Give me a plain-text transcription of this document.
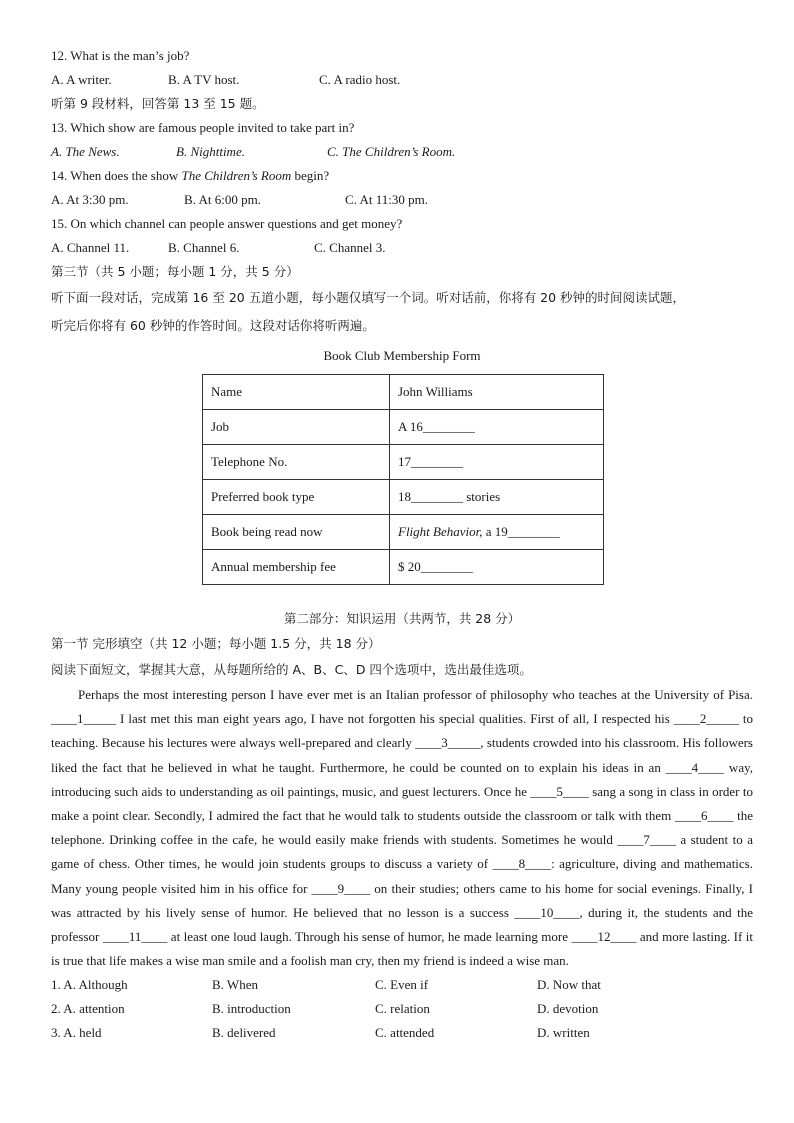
12. What is the man’s job?
A. A writer.	B. A TV host.	C. A radio host.
听第 9 段材料，回答第 13 至 15 题。
13. Which show are famous people invited to take part in?
A. The News.	B. Nighttime.	C. The Children’s Room.
14. When does the show The Children’s Room begin?
A. At 3:30 pm.	B. At 6:00 pm.	C. At 11:30 pm.
15. On which channel can people answer questions and get money?
A. Channel 11.	B. Channel 6.	C. Channel 3.
第三节（共 5 小题；每小题 1 分，共 5 分）
听下面一段对话，完成第 16 至 20 五道小题，每小题仅填写一个词。听对话前，你将有 20 秒钟的时间阅读试题，
听完后你将有 60 秒钟的作答时间。这段对话你将听两遍。
Book Club Membership Form
Name	John Williams
Job	A 16________
Telephone No.	17________
Preferred book type	18________ stories
Book being read now	Flight Behavior, a 19________
Annual membership fee	$ 20________
第二部分：知识运用（共两节，共 28 分）
第一节 完形填空（共 12 小题；每小题 1.5 分，共 18 分）
阅读下面短文，掌握其大意，从每题所给的 A、B、C、D 四个选项中，选出最佳选项。
Perhaps the most interesting person I have ever met is an Italian professor of philosophy who teaches at the University of Pisa. ____1_____ I last met this man eight years ago, I have not forgotten his special qualities. First of all, I respected his ____2_____ to teaching. Because his lectures were always well-prepared and clearly ____3_____, students crowded into his classroom. His followers liked the fact that he believed in what he taught. Furthermore, he could be counted on to explain his ideas in an ____4____ way, introducing such aids to understanding as oil paintings, music, and guest lecturers. Once he ____5____ sang a song in class in order to make a point clear. Secondly, I admired the fact that he would talk to students outside the classroom or talk with them ____6____ the telephone. Drinking coffee in the cafe, he would easily make friends with students. Sometimes he would ____7____ a student to a game of chess. Other times, he would join students groups to discuss a variety of ____8____: agriculture, diving and mathematics. Many young people visited him in his office for ____9____ on their studies; others came to his home for social evenings. Finally, I was attracted by his lively sense of humor. He believed that no lesson is a success ____10____, during it, the students and the professor ____11____ at least one loud laugh. Through his sense of humor, he made learning more ____12____ and more lasting. If it is true that life makes a wise man smile and a foolish man cry, then my friend is indeed a wise man.
1. A. Although	B. When	C. Even if	D. Now that
2. A. attention	B. introduction	C. relation	D. devotion
3. A. held	B. delivered	C. attended	D. written
